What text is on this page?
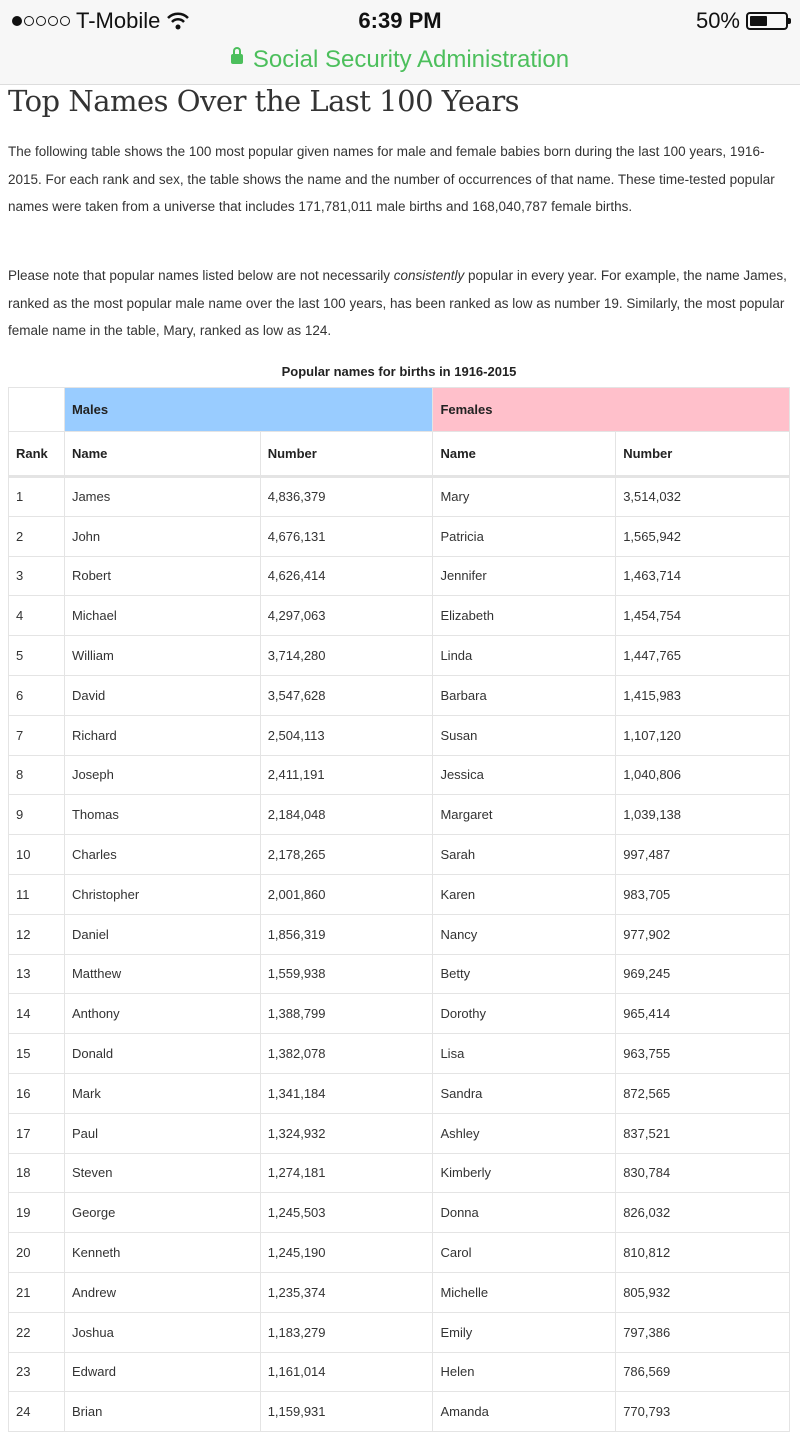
T-Mobile	6:39 PM	50%
Social Security Administration
Top Names Over the Last 100 Years

The following table shows the 100 most popular given names for male and female babies born during the last 100 years, 1916-2015. For each rank and sex, the table shows the name and the number of occurrences of that name. These time-tested popular names were taken from a universe that includes 171,781,011 male births and 168,040,787 female births.

Please note that popular names listed below are not necessarily consistently popular in every year. For example, the name James, ranked as the most popular male name over the last 100 years, has been ranked as low as number 19. Similarly, the most popular female name in the table, Mary, ranked as low as 124.

Popular names for births in 1916-2015
	Males		Females	
Rank	Name	Number	Name	Number
1	James	4,836,379	Mary	3,514,032
2	John	4,676,131	Patricia	1,565,942
3	Robert	4,626,414	Jennifer	1,463,714
4	Michael	4,297,063	Elizabeth	1,454,754
5	William	3,714,280	Linda	1,447,765
6	David	3,547,628	Barbara	1,415,983
7	Richard	2,504,113	Susan	1,107,120
8	Joseph	2,411,191	Jessica	1,040,806
9	Thomas	2,184,048	Margaret	1,039,138
10	Charles	2,178,265	Sarah	997,487
11	Christopher	2,001,860	Karen	983,705
12	Daniel	1,856,319	Nancy	977,902
13	Matthew	1,559,938	Betty	969,245
14	Anthony	1,388,799	Dorothy	965,414
15	Donald	1,382,078	Lisa	963,755
16	Mark	1,341,184	Sandra	872,565
17	Paul	1,324,932	Ashley	837,521
18	Steven	1,274,181	Kimberly	830,784
19	George	1,245,503	Donna	826,032
20	Kenneth	1,245,190	Carol	810,812
21	Andrew	1,235,374	Michelle	805,932
22	Joshua	1,183,279	Emily	797,386
23	Edward	1,161,014	Helen	786,569
24	Brian	1,159,931	Amanda	770,793
